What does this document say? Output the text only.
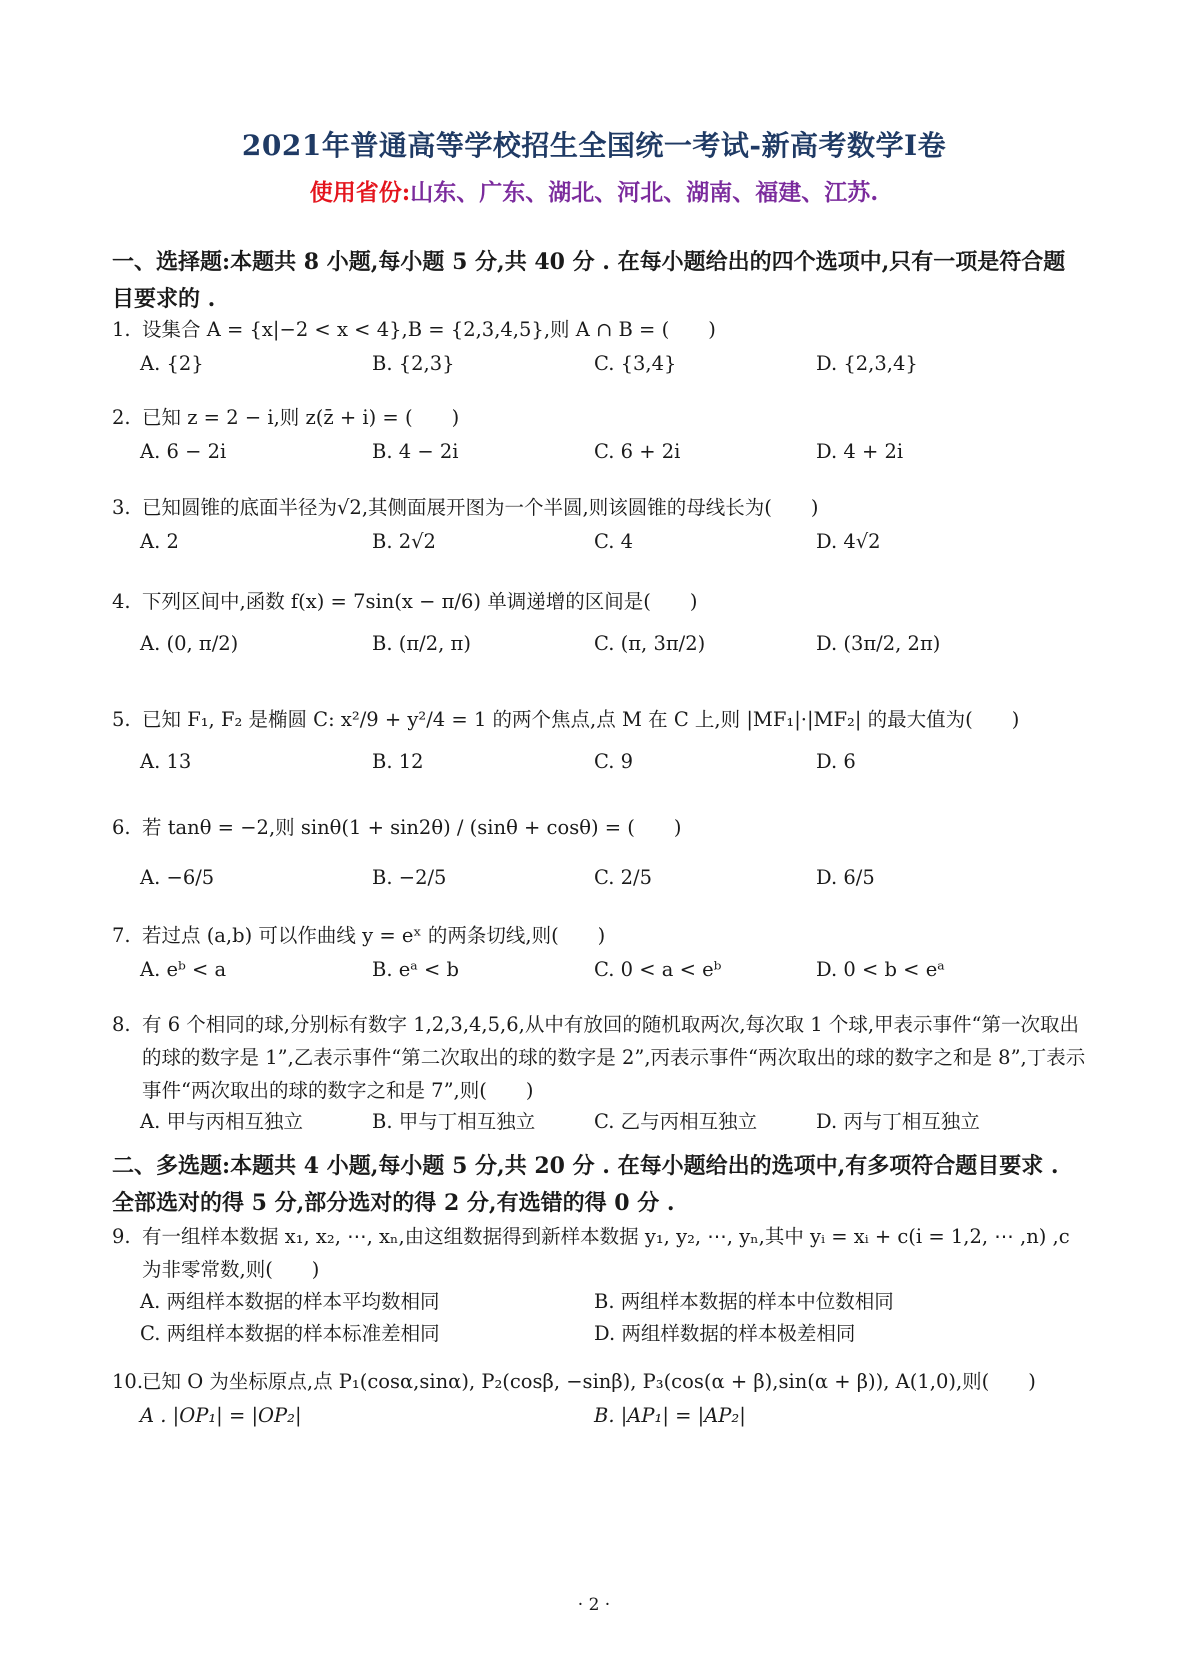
2021年普通高等学校招生全国统一考试-新高考数学Ⅰ卷
使用省份:山东、广东、湖北、河北、湖南、福建、江苏.
一、选择题:本题共 8 小题,每小题 5 分,共 40 分 . 在每小题给出的四个选项中,只有一项是符合题目要求的 .
1. 设集合 A = {x|−2 < x < 4},B = {2,3,4,5},则 A ∩ B = (　　)
A. {2}	B. {2,3}	C. {3,4}	D. {2,3,4}
2. 已知 z = 2 − i,则 z(z̄ + i) = (　　)
A. 6 − 2i	B. 4 − 2i	C. 6 + 2i	D. 4 + 2i
3. 已知圆锥的底面半径为√2,其侧面展开图为一个半圆,则该圆锥的母线长为(　　)
A. 2	B. 2√2	C. 4	D. 4√2
4. 下列区间中,函数 f(x) = 7sin(x − π/6) 单调递增的区间是(　　)
A. (0, π/2)	B. (π/2, π)	C. (π, 3π/2)	D. (3π/2, 2π)
5. 已知 F₁, F₂ 是椭圆 C: x²/9 + y²/4 = 1 的两个焦点,点 M 在 C 上,则 |MF₁|·|MF₂| 的最大值为(　　)
A. 13	B. 12	C. 9	D. 6
6. 若 tanθ = −2,则 sinθ(1 + sin2θ) / (sinθ + cosθ) = (　　)
A. −6/5	B. −2/5	C. 2/5	D. 6/5
7. 若过点 (a,b) 可以作曲线 y = eˣ 的两条切线,则(　　)
A. eᵇ < a	B. eᵃ < b	C. 0 < a < eᵇ	D. 0 < b < eᵃ
8. 有 6 个相同的球,分别标有数字 1,2,3,4,5,6,从中有放回的随机取两次,每次取 1 个球,甲表示事件“第一次取出的球的数字是 1”,乙表示事件“第二次取出的球的数字是 2”,丙表示事件“两次取出的球的数字之和是 8”,丁表示事件“两次取出的球的数字之和是 7”,则(　　)
A. 甲与丙相互独立	B. 甲与丁相互独立	C. 乙与丙相互独立	D. 丙与丁相互独立
二、多选题:本题共 4 小题,每小题 5 分,共 20 分 . 在每小题给出的选项中,有多项符合题目要求 . 全部选对的得 5 分,部分选对的得 2 分,有选错的得 0 分 .
9. 有一组样本数据 x₁, x₂, ⋯, xₙ,由这组数据得到新样本数据 y₁, y₂, ⋯, yₙ,其中 yᵢ = xᵢ + c(i = 1,2, ⋯ ,n) ,c 为非零常数,则(　　)
A. 两组样本数据的样本平均数相同	B. 两组样本数据的样本中位数相同
C. 两组样本数据的样本标准差相同	D. 两组样数据的样本极差相同
10.已知 O 为坐标原点,点 P₁(cosα,sinα), P₂(cosβ, −sinβ), P₃(cos(α + β),sin(α + β)), A(1,0),则(　　)
A . |OP₁| = |OP₂|	B. |AP₁| = |AP₂|
· 2 ·
